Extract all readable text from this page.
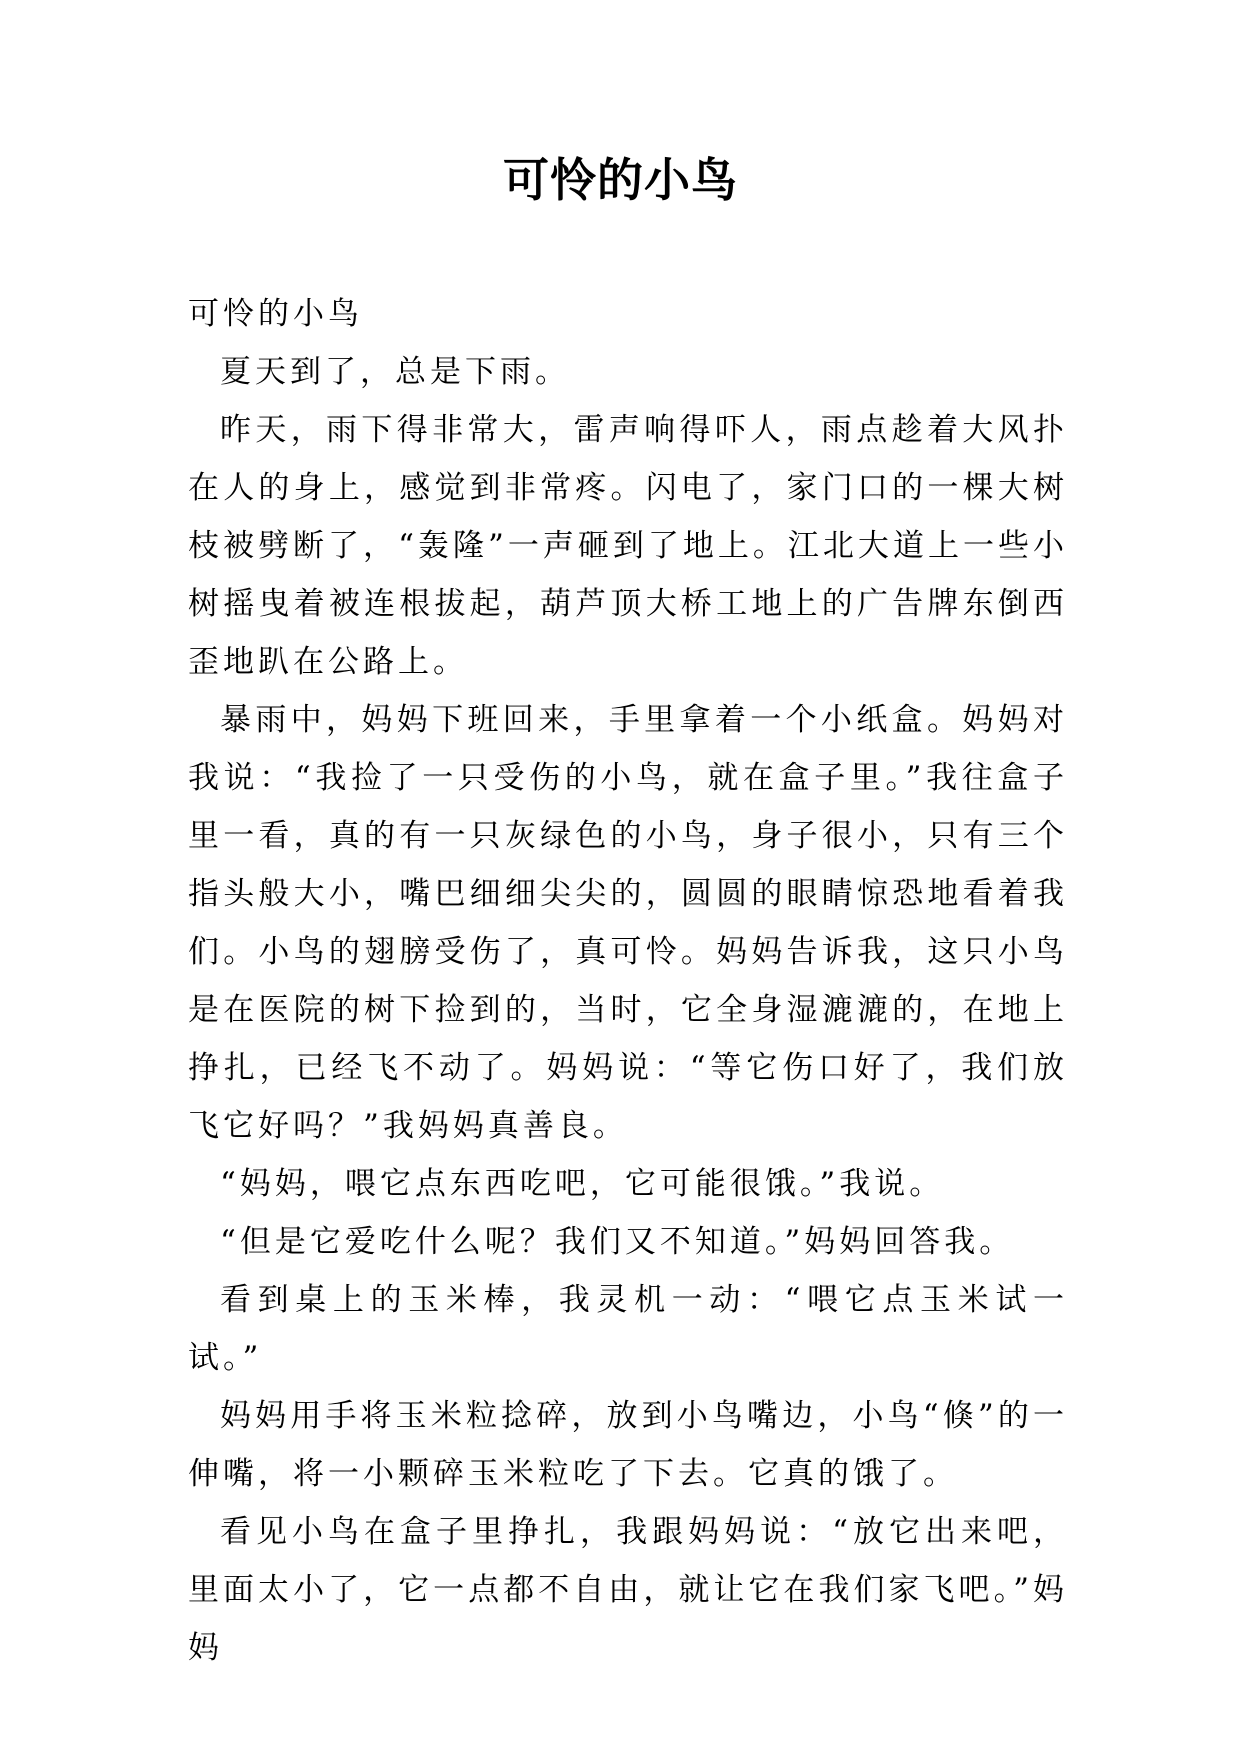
可怜的小鸟

可怜的小鸟

夏天到了，总是下雨。

昨天，雨下得非常大，雷声响得吓人，雨点趁着大风扑在人的身上，感觉到非常疼。闪电了，家门口的一棵大树枝被劈断了，“轰隆”一声砸到了地上。江北大道上一些小树摇曳着被连根拔起，葫芦顶大桥工地上的广告牌东倒西歪地趴在公路上。

暴雨中，妈妈下班回来，手里拿着一个小纸盒。妈妈对我说：“我捡了一只受伤的小鸟，就在盒子里。”我往盒子里一看，真的有一只灰绿色的小鸟，身子很小，只有三个指头般大小，嘴巴细细尖尖的，圆圆的眼睛惊恐地看着我们。小鸟的翅膀受伤了，真可怜。妈妈告诉我，这只小鸟是在医院的树下捡到的，当时，它全身湿漉漉的，在地上挣扎，已经飞不动了。妈妈说：“等它伤口好了，我们放飞它好吗？”我妈妈真善良。

“妈妈，喂它点东西吃吧，它可能很饿。”我说。

“但是它爱吃什么呢？我们又不知道。”妈妈回答我。

看到桌上的玉米棒，我灵机一动：“喂它点玉米试一试。”

妈妈用手将玉米粒捻碎，放到小鸟嘴边，小鸟“倏”的一伸嘴，将一小颗碎玉米粒吃了下去。它真的饿了。

看见小鸟在盒子里挣扎，我跟妈妈说：“放它出来吧，里面太小了，它一点都不自由，就让它在我们家飞吧。”妈妈
